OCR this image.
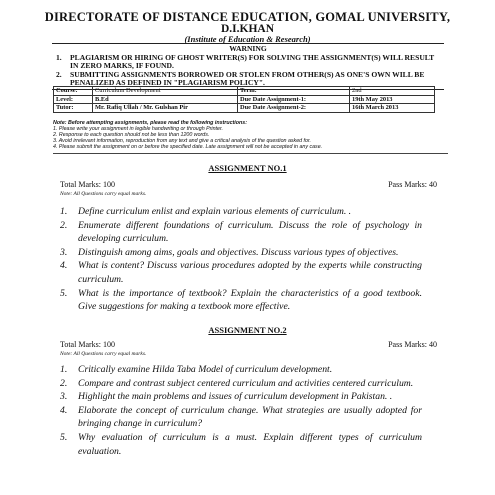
DIRECTORATE OF DISTANCE EDUCATION, GOMAL UNIVERSITY,
D.I.KHAN
(Institute of Education & Research)
WARNING
1.	PLAGIARISM OR HIRING OF GHOST WRITER(S) FOR SOLVING THE ASSIGNMENT(S) WILL RESULT IN ZERO MARKS, IF FOUND.
2.	SUBMITTING ASSIGNMENTS BORROWED OR STOLEN FROM OTHER(S) AS ONE'S OWN WILL BE PENALIZED AS DEFINED IN "PLAGIARISM POLICY".
Course:	Curriculum Development	Term:	2nd
Level:	B.Ed	Due Date Assignment-1:	19th May 2013
Tutor:	Mr. Rafiq Ullah / Mr. Gulshan Pir	Due Date Assignment-2:	16th March 2013
Note: Before attempting assignments, please read the following instructions:
1. Please write your assignment in legible handwriting or through Printer.
2. Response to each question should not be less than 1200 words.
3. Avoid irrelevant information, reproduction from any text and give a critical analysis of the question asked for.
4. Please submit the assignment on or before the specified date. Late assignment will not be accepted in any case.
ASSIGNMENT NO.1
Total Marks: 100	Pass Marks: 40
Note: All Questions carry equal marks.
1.	Define curriculum enlist and explain various elements of curriculum. .
2.	Enumerate different foundations of curriculum. Discuss the role of psychology in developing curriculum.
3.	Distinguish among aims, goals and objectives. Discuss various types of objectives.
4.	What is content? Discuss various procedures adopted by the experts while constructing curriculum.
5.	What is the importance of textbook? Explain the characteristics of a good textbook. Give suggestions for making a textbook more effective.
ASSIGNMENT NO.2
Total Marks: 100	Pass Marks: 40
Note: All Questions carry equal marks.
1.	Critically examine Hilda Taba Model of curriculum development.
2.	Compare and contrast subject centered curriculum and activities centered curriculum.
3.	Highlight the main problems and issues of curriculum development in Pakistan. .
4.	Elaborate the concept of curriculum change. What strategies are usually adopted for bringing change in curriculum?
5.	Why evaluation of curriculum is a must. Explain different types of curriculum evaluation.
